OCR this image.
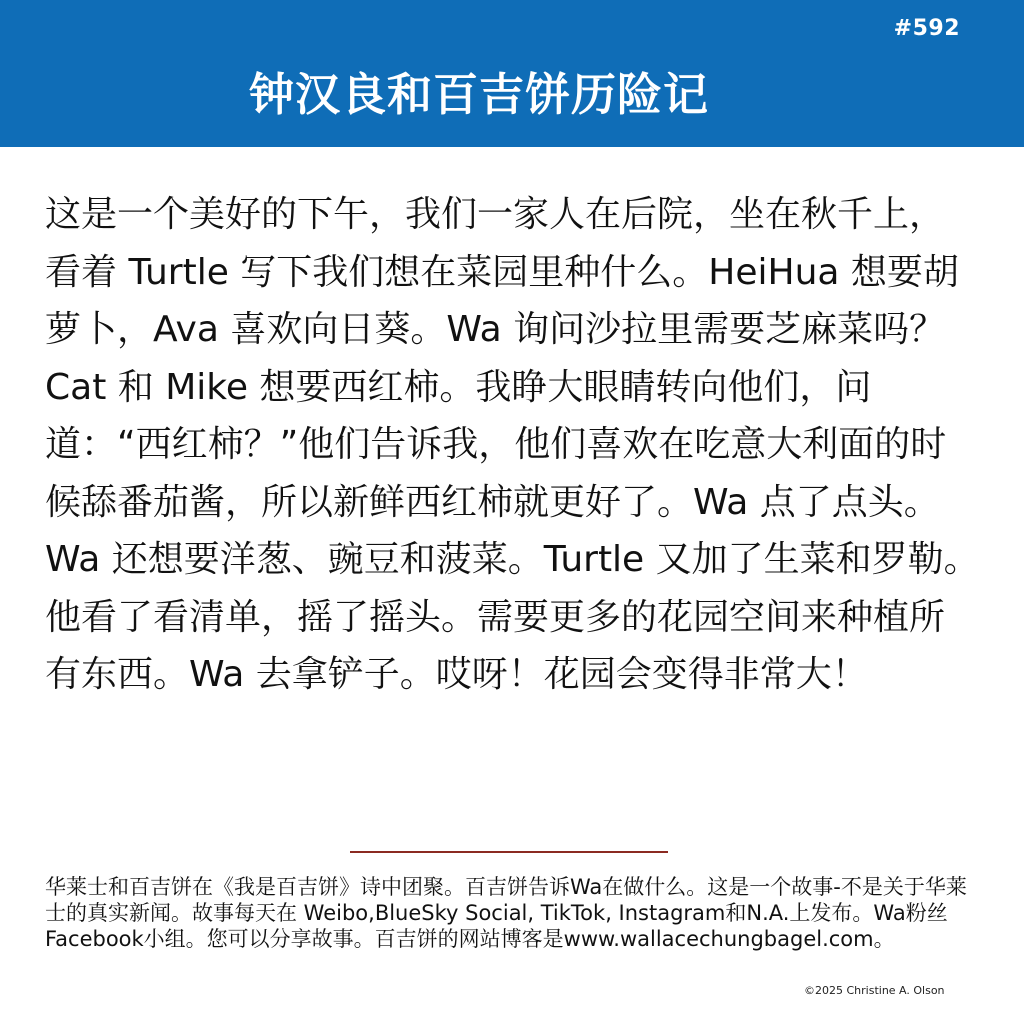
#592
钟汉良和百吉饼历险记

这是一个美好的下午，我们一家人在后院，坐在秋千上，看着 Turtle 写下我们想在菜园里种什么。HeiHua 想要胡萝卜，Ava 喜欢向日葵。Wa 询问沙拉里需要芝麻菜吗？Cat 和 Mike 想要西红柿。我睁大眼睛转向他们，问道：“西红柿？”他们告诉我，他们喜欢在吃意大利面的时候舔番茄酱，所以新鲜西红柿就更好了。Wa 点了点头。Wa 还想要洋葱、豌豆和菠菜。Turtle 又加了生菜和罗勒。他看了看清单，摇了摇头。需要更多的花园空间来种植所有东西。Wa 去拿铲子。哎呀！花园会变得非常大！

华莱士和百吉饼在《我是百吉饼》诗中团聚。百吉饼告诉Wa在做什么。这是一个故事-不是关于华莱士的真实新闻。故事每天在 Weibo,BlueSky Social, TikTok, Instagram和N.A.上发布。Wa粉丝Facebook小组。您可以分享故事。百吉饼的网站博客是www.wallacechungbagel.com。

©2025 Christine A. Olson
